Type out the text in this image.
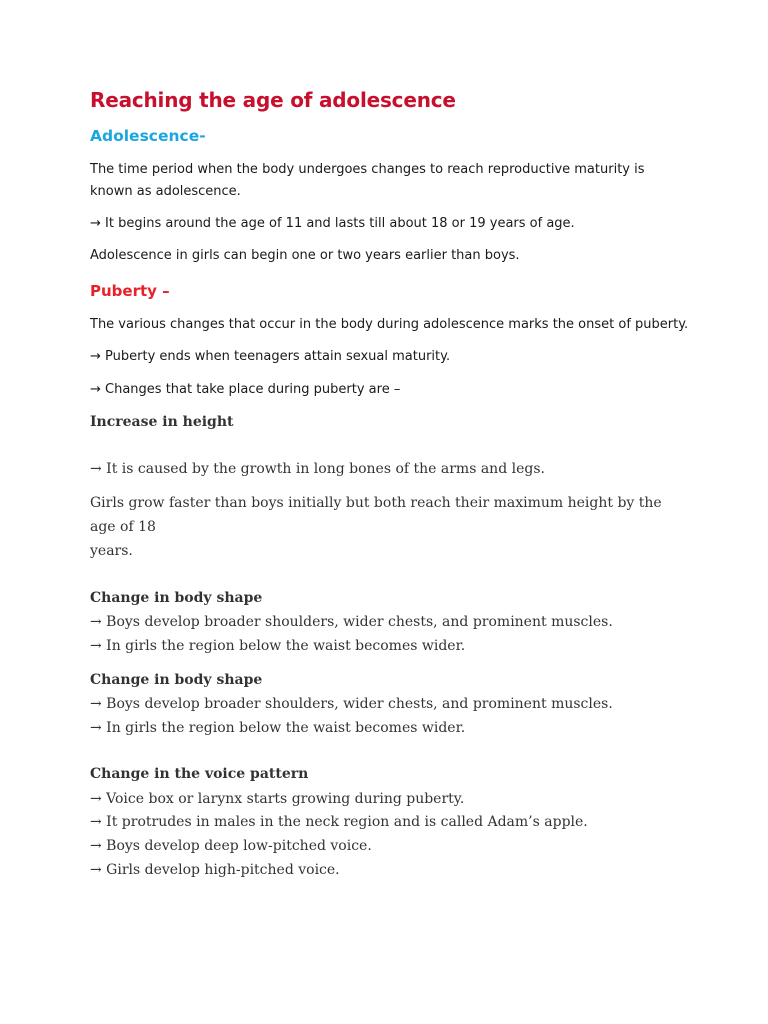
Reaching the age of adolescence
Adolescence-

The time period when the body undergoes changes to reach reproductive maturity is known as adolescence.

→ It begins around the age of 11 and lasts till about 18 or 19 years of age.

Adolescence in girls can begin one or two years earlier than boys.

Puberty –

The various changes that occur in the body during adolescence marks the onset of puberty.

→ Puberty ends when teenagers attain sexual maturity.

→ Changes that take place during puberty are –

Increase in height

→ It is caused by the growth in long bones of the arms and legs.

Girls grow faster than boys initially but both reach their maximum height by the

age of 18

years.

Change in body shape

→ Boys develop broader shoulders, wider chests, and prominent muscles.

→ In girls the region below the waist becomes wider.

Change in body shape

→ Boys develop broader shoulders, wider chests, and prominent muscles.

→ In girls the region below the waist becomes wider.

Change in the voice pattern

→ Voice box or larynx starts growing during puberty.

→ It protrudes in males in the neck region and is called Adam’s apple.

→ Boys develop deep low-pitched voice.

→ Girls develop high-pitched voice.
